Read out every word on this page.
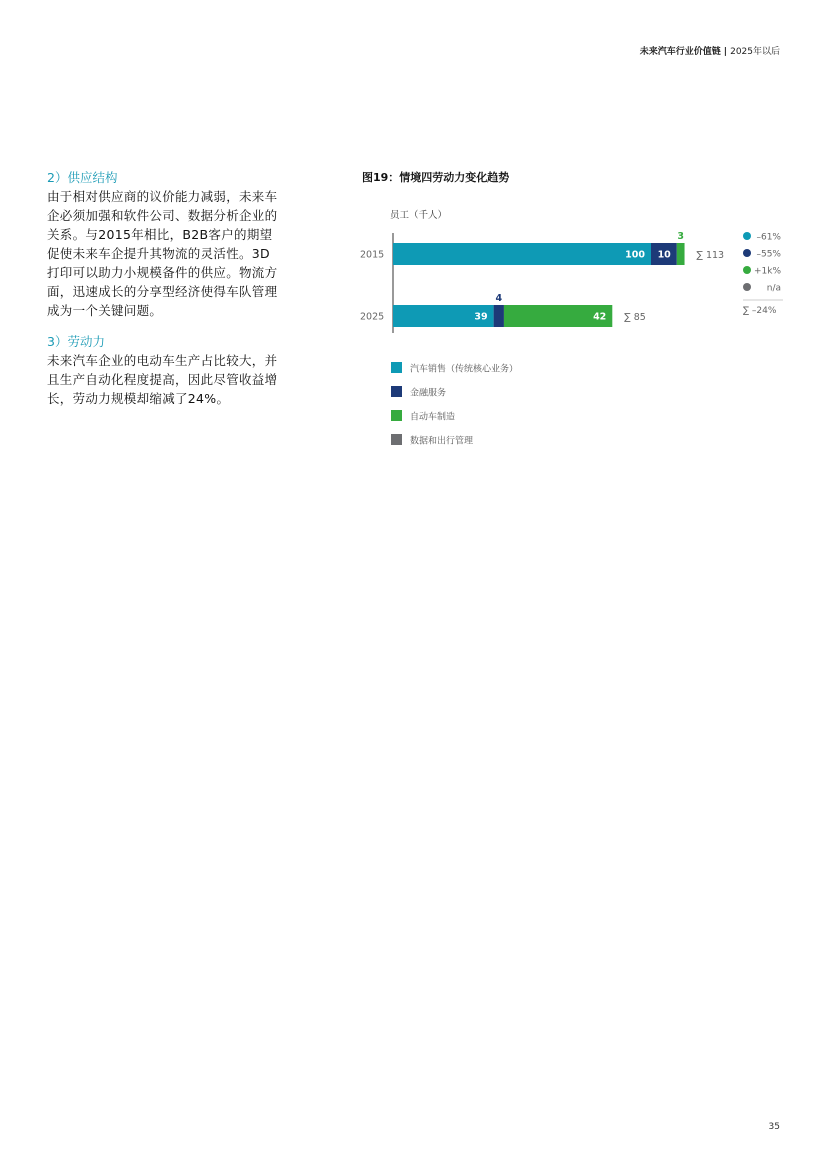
未来汽车行业价值链 | 2025年以后
2）供应结构
由于相对供应商的议价能力减弱，未来车企必须加强和软件公司、数据分析企业的关系。与2015年相比，B2B客户的期望促使未来车企提升其物流的灵活性。3D打印可以助力小规模备件的供应。物流方面，迅速成长的分享型经济使得车队管理成为一个关键问题。
3）劳动力
未来汽车企业的电动车生产占比较大，并且生产自动化程度提高，因此尽管收益增长，劳动力规模却缩减了24%。
图19：情境四劳动力变化趋势
员工（千人）
2015	100 10
3
∑ 113
2025	39
4
42 ∑ 85
–61%
–55%
+1k%
n/a
∑ –24%
汽车销售（传统核心业务）
金融服务
自动车制造
数据和出行管理
35
